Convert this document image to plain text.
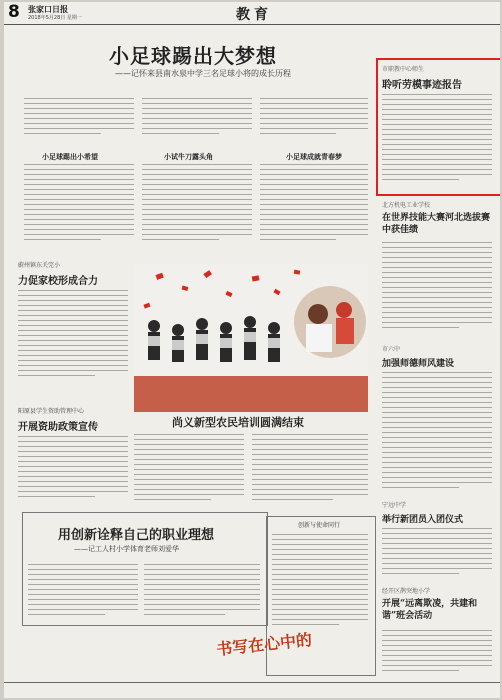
8 张家口日报
2018年5月28日 星期一	教育
小足球踢出大梦想
——记怀来县南水泉中学三名足球小将的成长历程
小足球踢出小希望	小试牛刀露头角	小足球成就青春梦
市职教中心师生
聆听劳模事迹报告
北方机电工业学校
在世界技能大赛河北选拔赛中获佳绩
市六中
加强师德师风建设
宁远中学
举行新团员入团仪式
经开区鹊突地小学
开展“远离欺凌，共建和谐”班会活动
蔚州镇东关完小
力促家校形成合力
阳原县学生资助管理中心
开展资助政策宣传	尚义新型农民培训圆满结束
用创新诠释自己的职业理想
——记工人村小学体育老师刘爱华
创新与使命同行
书写在心中的
